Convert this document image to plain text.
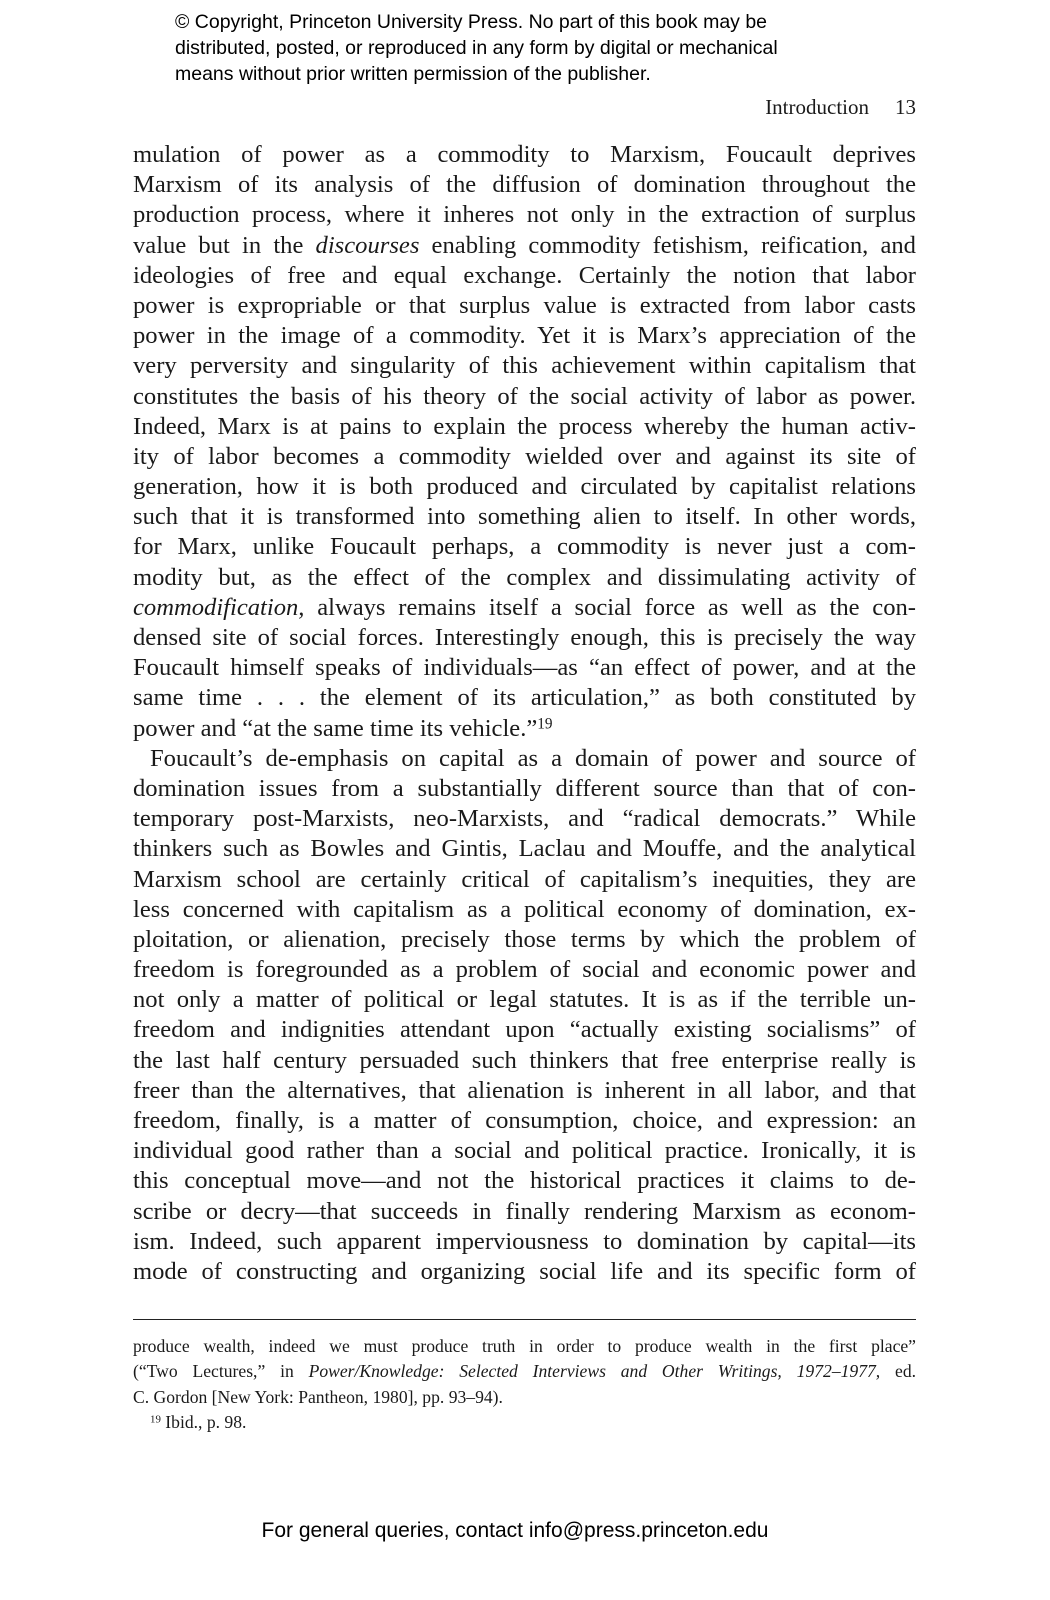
© Copyright, Princeton University Press. No part of this book may be
distributed, posted, or reproduced in any form by digital or mechanical
means without prior written permission of the publisher.
Introduction 13
mulation of power as a commodity to Marxism, Foucault deprives
Marxism of its analysis of the diffusion of domination throughout the
production process, where it inheres not only in the extraction of surplus
value but in the discourses enabling commodity fetishism, reification, and
ideologies of free and equal exchange. Certainly the notion that labor
power is expropriable or that surplus value is extracted from labor casts
power in the image of a commodity. Yet it is Marx’s appreciation of the
very perversity and singularity of this achievement within capitalism that
constitutes the basis of his theory of the social activity of labor as power.
Indeed, Marx is at pains to explain the process whereby the human activ-
ity of labor becomes a commodity wielded over and against its site of
generation, how it is both produced and circulated by capitalist relations
such that it is transformed into something alien to itself. In other words,
for Marx, unlike Foucault perhaps, a commodity is never just a com-
modity but, as the effect of the complex and dissimulating activity of
commodification, always remains itself a social force as well as the con-
densed site of social forces. Interestingly enough, this is precisely the way
Foucault himself speaks of individuals—as “an effect of power, and at the
same time . . . the element of its articulation,” as both constituted by
power and “at the same time its vehicle.”$^{19}$
Foucault’s de-emphasis on capital as a domain of power and source of
domination issues from a substantially different source than that of con-
temporary post-Marxists, neo-Marxists, and “radical democrats.” While
thinkers such as Bowles and Gintis, Laclau and Mouffe, and the analytical
Marxism school are certainly critical of capitalism’s inequities, they are
less concerned with capitalism as a political economy of domination, ex-
ploitation, or alienation, precisely those terms by which the problem of
freedom is foregrounded as a problem of social and economic power and
not only a matter of political or legal statutes. It is as if the terrible un-
freedom and indignities attendant upon “actually existing socialisms” of
the last half century persuaded such thinkers that free enterprise really is
freer than the alternatives, that alienation is inherent in all labor, and that
freedom, finally, is a matter of consumption, choice, and expression: an
individual good rather than a social and political practice. Ironically, it is
this conceptual move—and not the historical practices it claims to de-
scribe or decry—that succeeds in finally rendering Marxism as econom-
ism. Indeed, such apparent imperviousness to domination by capital—its
mode of constructing and organizing social life and its specific form of
produce wealth, indeed we must produce truth in order to produce wealth in the first place”
(“Two Lectures,” in Power/Knowledge: Selected Interviews and Other Writings, 1972–1977, ed.
C. Gordon [New York: Pantheon, 1980], pp. 93–94).
$^{19}$ Ibid., p. 98.
For general queries, contact info@press.princeton.edu
